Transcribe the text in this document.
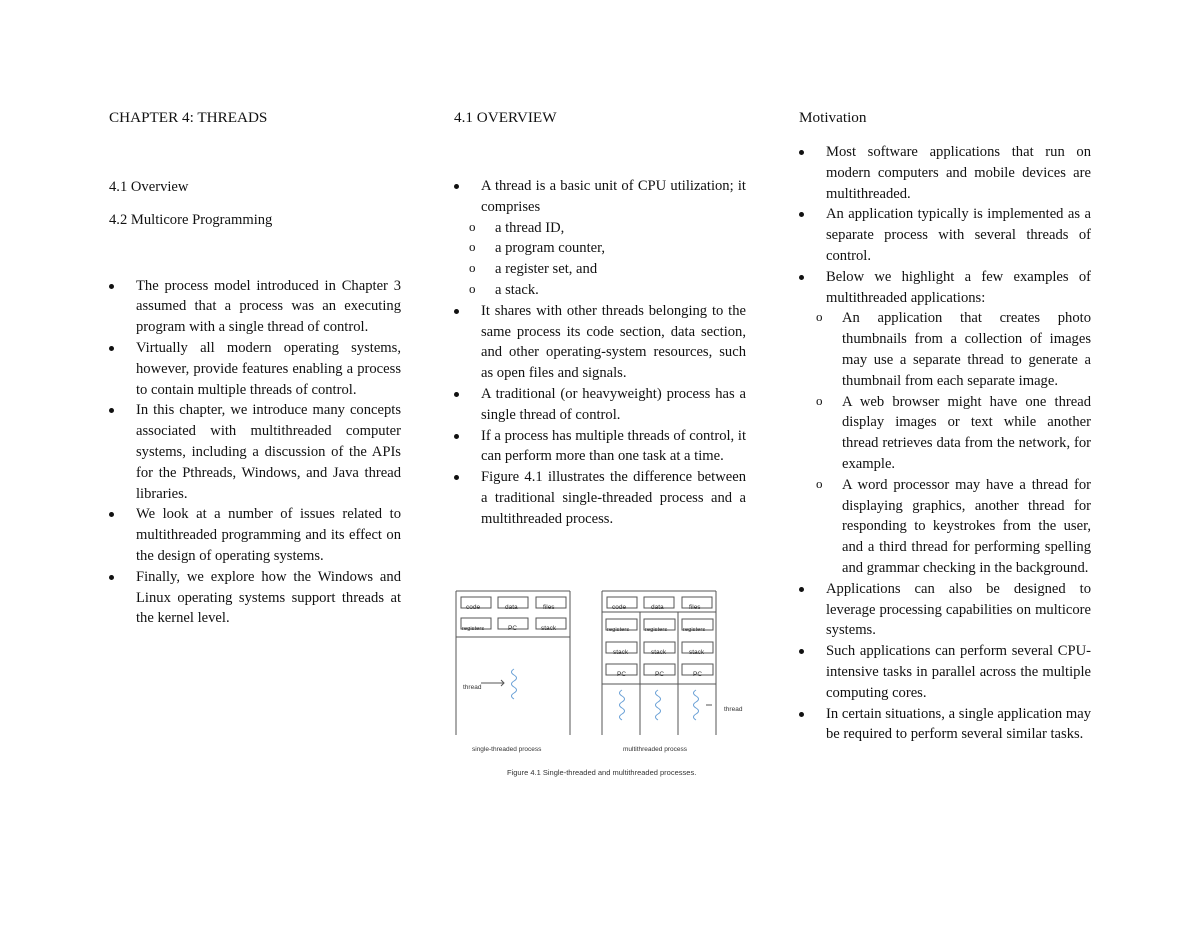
CHAPTER 4: THREADS

4.1 Overview

4.2 Multicore Programming

The process model introduced in Chapter 3 assumed that a process was an executing program with a single thread of control.
Virtually all modern operating systems, however, provide features enabling a process to contain multiple threads of control.
In this chapter, we introduce many concepts associated with multithreaded computer systems, including a discussion of the APIs for the Pthreads, Windows, and Java thread libraries.
We look at a number of issues related to multithreaded programming and its effect on the design of operating systems.
Finally, we explore how the Windows and Linux operating systems support threads at the kernel level.

4.1 OVERVIEW

A thread is a basic unit of CPU utilization; it comprises
o a thread ID,
o a program counter,
o a register set, and
o a stack.
It shares with other threads belonging to the same process its code section, data section, and other operating-system resources, such as open files and signals.
A traditional (or heavyweight) process has a single thread of control.
If a process has multiple threads of control, it can perform more than one task at a time.
Figure 4.1 illustrates the difference between a traditional single-threaded process and a multithreaded process.
code	data	files
registers	PC	stack
thread
single-threaded process
code	data	files
registers	registers	registers
stack	stack	stack
PC	PC	PC
thread
multithreaded process
Figure 4.1 Single-threaded and multithreaded processes.

Motivation

Most software applications that run on modern computers and mobile devices are multithreaded.
An application typically is implemented as a separate process with several threads of control.
Below we highlight a few examples of multithreaded applications:
o An application that creates photo thumbnails from a collection of images may use a separate thread to generate a thumbnail from each separate image.
o A web browser might have one thread display images or text while another thread retrieves data from the network, for example.
o A word processor may have a thread for displaying graphics, another thread for responding to keystrokes from the user, and a third thread for performing spelling and grammar checking in the background.
Applications can also be designed to leverage processing capabilities on multicore systems.
Such applications can perform several CPU-intensive tasks in parallel across the multiple computing cores.
In certain situations, a single application may be required to perform several similar tasks.
